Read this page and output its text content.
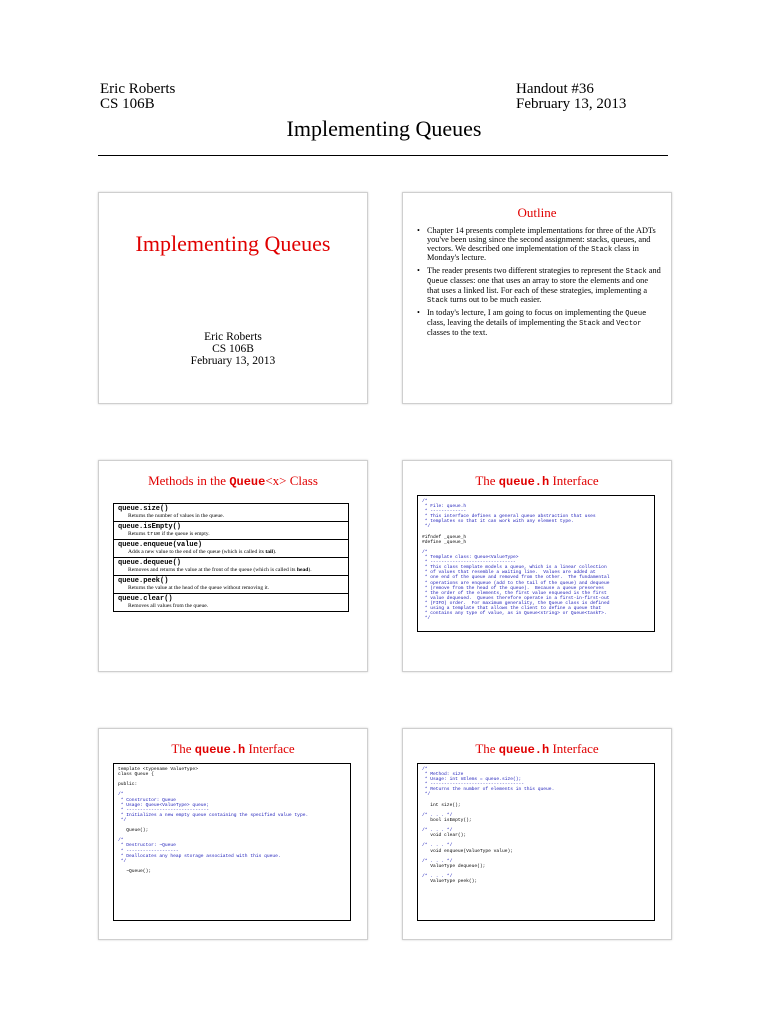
Eric Roberts
CS 106B
Handout #36
February 13, 2013
Implementing Queues
Implementing Queues
Eric Roberts
CS 106B
February 13, 2013
Outline
• Chapter 14 presents complete implementations for three of the ADTs you've been using since the second assignment: stacks, queues, and vectors. We described one implementation of the Stack class in Monday's lecture.
• The reader presents two different strategies to represent the Stack and Queue classes: one that uses an array to store the elements and one that uses a linked list. For each of these strategies, implementing a Stack turns out to be much easier.
• In today's lecture, I am going to focus on implementing the Queue class, leaving the details of implementing the Stack and Vector classes to the text.
Methods in the Queue<x> Class
queue.size()
Returns the number of values in the queue.

queue.isEmpty()
Returns true if the queue is empty.

queue.enqueue(value)
Adds a new value to the end of the queue (which is called its tail).

queue.dequeue()
Removes and returns the value at the front of the queue (which is called its head).

queue.peek()
Returns the value at the head of the queue without removing it.

queue.clear()
Removes all values from the queue.
The queue.h Interface
/*
* File: queue.h
* -------------
* This interface defines a general queue abstraction that uses
* templates so that it can work with any element type.
*/

#ifndef _queue_h
#define _queue_h

/*
* Template class: Queue<ValueType>
* -------------------------------
* This class template models a queue, which is a linear collection
* of values that resemble a waiting line.  Values are added at
* one end of the queue and removed from the other.  The fundamental
* operations are enqueue (add to the tail of the queue) and dequeue
* (remove from the head of the queue).  Because a queue preserves
* the order of the elements, the first value enqueued is the first
* value dequeued.  Queues therefore operate in a first-in-first-out
* (FIFO) order.  For maximum generality, the Queue class is defined
* using a template that allows the client to define a queue that
* contains any type of value, as in Queue<string> or Queue<taskT>.
*/
The queue.h Interface
template <typename ValueType>
class Queue {

public:

/*
* Constructor: Queue
* Usage: Queue<ValueType> queue;
* ------------------------------
* Initializes a new empty queue containing the specified value type.
*/

Queue();

/*
* Destructor: ~Queue
* -------------------
* Deallocates any heap storage associated with this queue.
*/

~Queue();
The queue.h Interface
/*
* Method: size
* Usage: int nElems = queue.size();
* ----------------------------------
* Returns the number of elements in this queue.
*/

int size();

/* . . . */
bool isEmpty();

/* . . . */
void clear();

/* . . . */
void enqueue(ValueType value);

/* . . . */
ValueType dequeue();

/* . . . */
ValueType peek();
